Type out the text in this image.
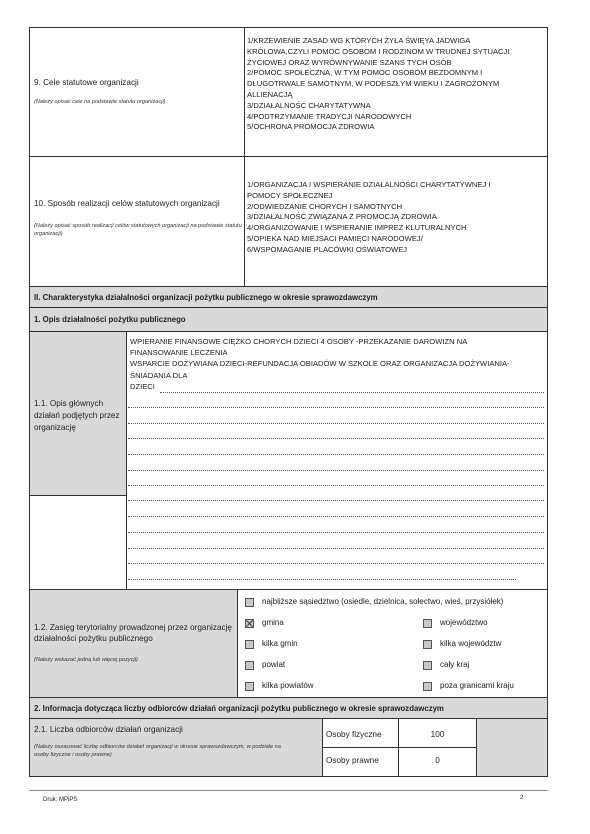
9. Cele statutowe organizacji
(Należy opisać cele na podstawie statutu organizacji)
1/KRZEWIENIE ZASAD WG KTÓRYCH ŻYŁA ŚWIĘYA JADWIGA
KRÓLOWA,CZYLI POMOC OSOBOM I RODZINOM W TRUDNEJ SYTUACJI
ŻYCIOWEJ ORAZ WYRÓWNYWANIE SZANS TYCH OSÓB
2/POMOC SPOŁECZNA, W TYM POMOC OSOBOM BEZDOMNYM I
DŁUGOTRWALE SAMOTNYM, W PODESZŁYM WIEKU I ZAGROŻONYM
ALLIENACJĄ
3/DZIAŁALNOŚĆ CHARYTATYWNA
4/PODTRZYMANIE TRADYCJI NARODOWYCH
5/OCHRONA PROMOCJA ZDROWIA
10. Sposób realizacji celów statutowych organizacji
(Należy opisać sposób realizacji celów statutowych organizacji na podstawie statutu organizacji)
1/ORGANIZACJA I WSPIERANIE DZIAŁALNOŚCI CHARYTATYWNEJ I
POMOCY SPOŁECZNEJ
2/ODWIEDZANIE CHORYCH I SAMOTNYCH
3/DZIAŁALNOŚĆ ZWIĄZANA Z PROMOCJĄ ZDROWIA
4/ORGANIZOWANIE I WSPIERANIE IMPREZ KLUTURALNYCH
5/OPIEKA NAD MIEJSACI PAMIĘCI NARODOWEJ/
6/WSPOMAGANIE PLACÓWKI OŚWIATOWEJ
II. Charakterystyka działalności organizacji pożytku publicznego w okresie sprawozdawczym
1. Opis działalności pożytku publicznego
1.1. Opis głównych działań podjętych przez organizację
WPIERANIE FINANSOWE CIĘŻKO CHORYCH DZIECI 4 OSOBY -PRZEKAZANIE DAROWIZN NA
FINANSOWANIE LECZENIA
WSPARCIE DOŻYWIANA DZIECI-REFUNDACJA OBIADÓW W SZKOLE ORAZ ORGANIZACJA DOŻYWIANIA-
ŚNIADANIA DLA
DZIECI
1.2. Zasięg terytorialny prowadzonej przez organizację działalności pożytku publicznego
(Należy wskazać jedną lub więcej pozycji)
najbliższe sąsiedztwo (osiedle, dzielnica, sołectwo, wieś, przysiółek)
gmina	województwo
kilka gmin	kilka województw
powiat	cały kraj
kilka powiatów	poza granicami kraju
2. Informacja dotycząca liczby odbiorców działań organizacji pożytku publicznego w okresie sprawozdawczym
2.1. Liczba odbiorców działań organizacji
(Należy oszacować liczbę odbiorców działań organizacji w okresie sprawozdawczym, w podziale na osoby fizyczne i osoby prawne)
Osoby fizyczne	100
Osoby prawne	0
Druk: MPiPS	2
